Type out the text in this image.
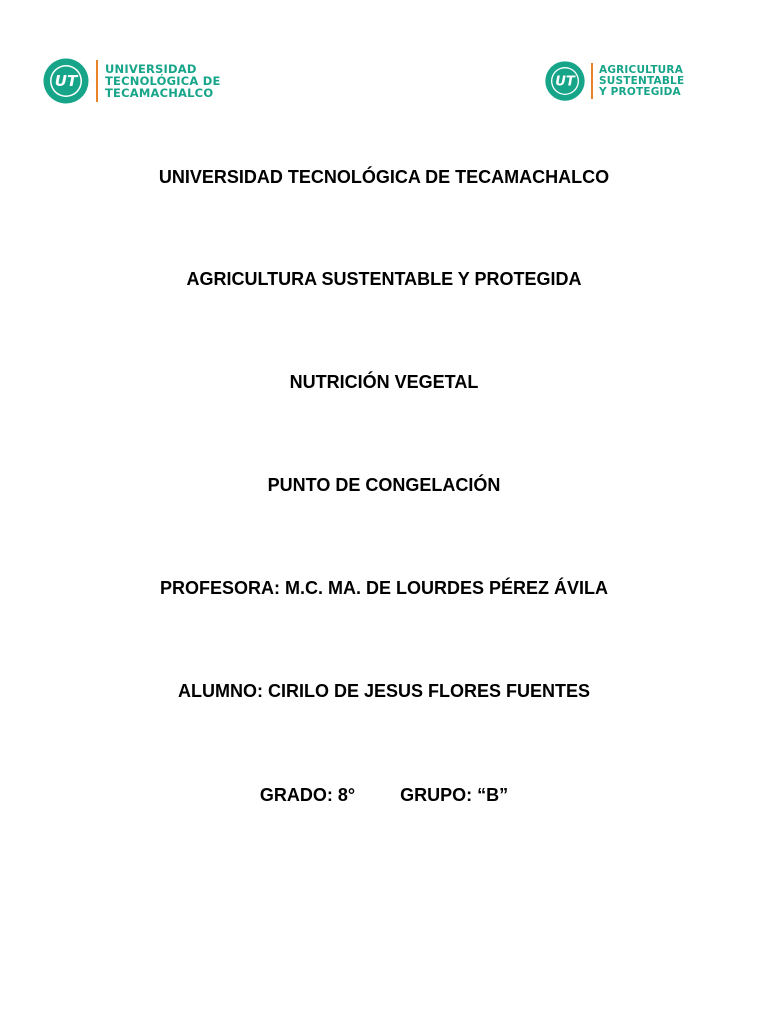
UT
UNIVERSIDAD
TECNOLÓGICA DE
TECAMACHALCO
UT
AGRICULTURA
SUSTENTABLE
Y PROTEGIDA
UNIVERSIDAD TECNOLÓGICA DE TECAMACHALCO
AGRICULTURA SUSTENTABLE Y PROTEGIDA
NUTRICIÓN VEGETAL
PUNTO DE CONGELACIÓN
PROFESORA: M.C. MA. DE LOURDES PÉREZ ÁVILA
ALUMNO: CIRILO DE JESUS FLORES FUENTES
GRADO: 8°         GRUPO: “B”
